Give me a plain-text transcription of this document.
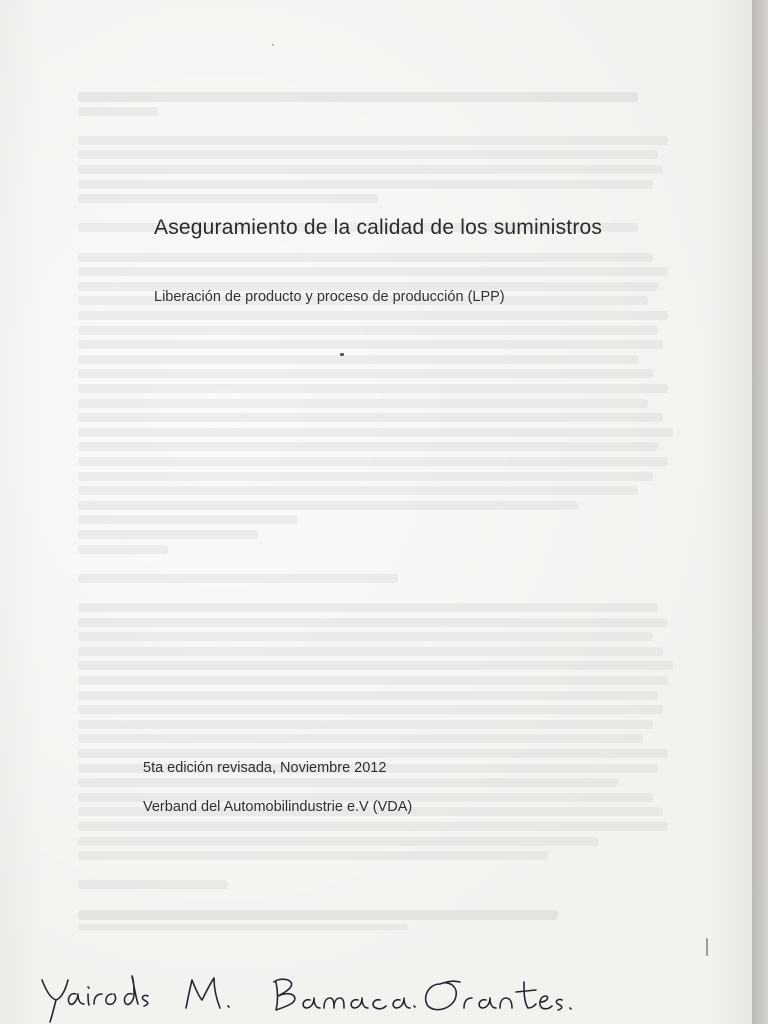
Aseguramiento de la calidad de los suministros

Liberación de producto y proceso de producción (LPP)

5ta edición revisada, Noviembre 2012

Verband del Automobilindustrie e.V (VDA)
